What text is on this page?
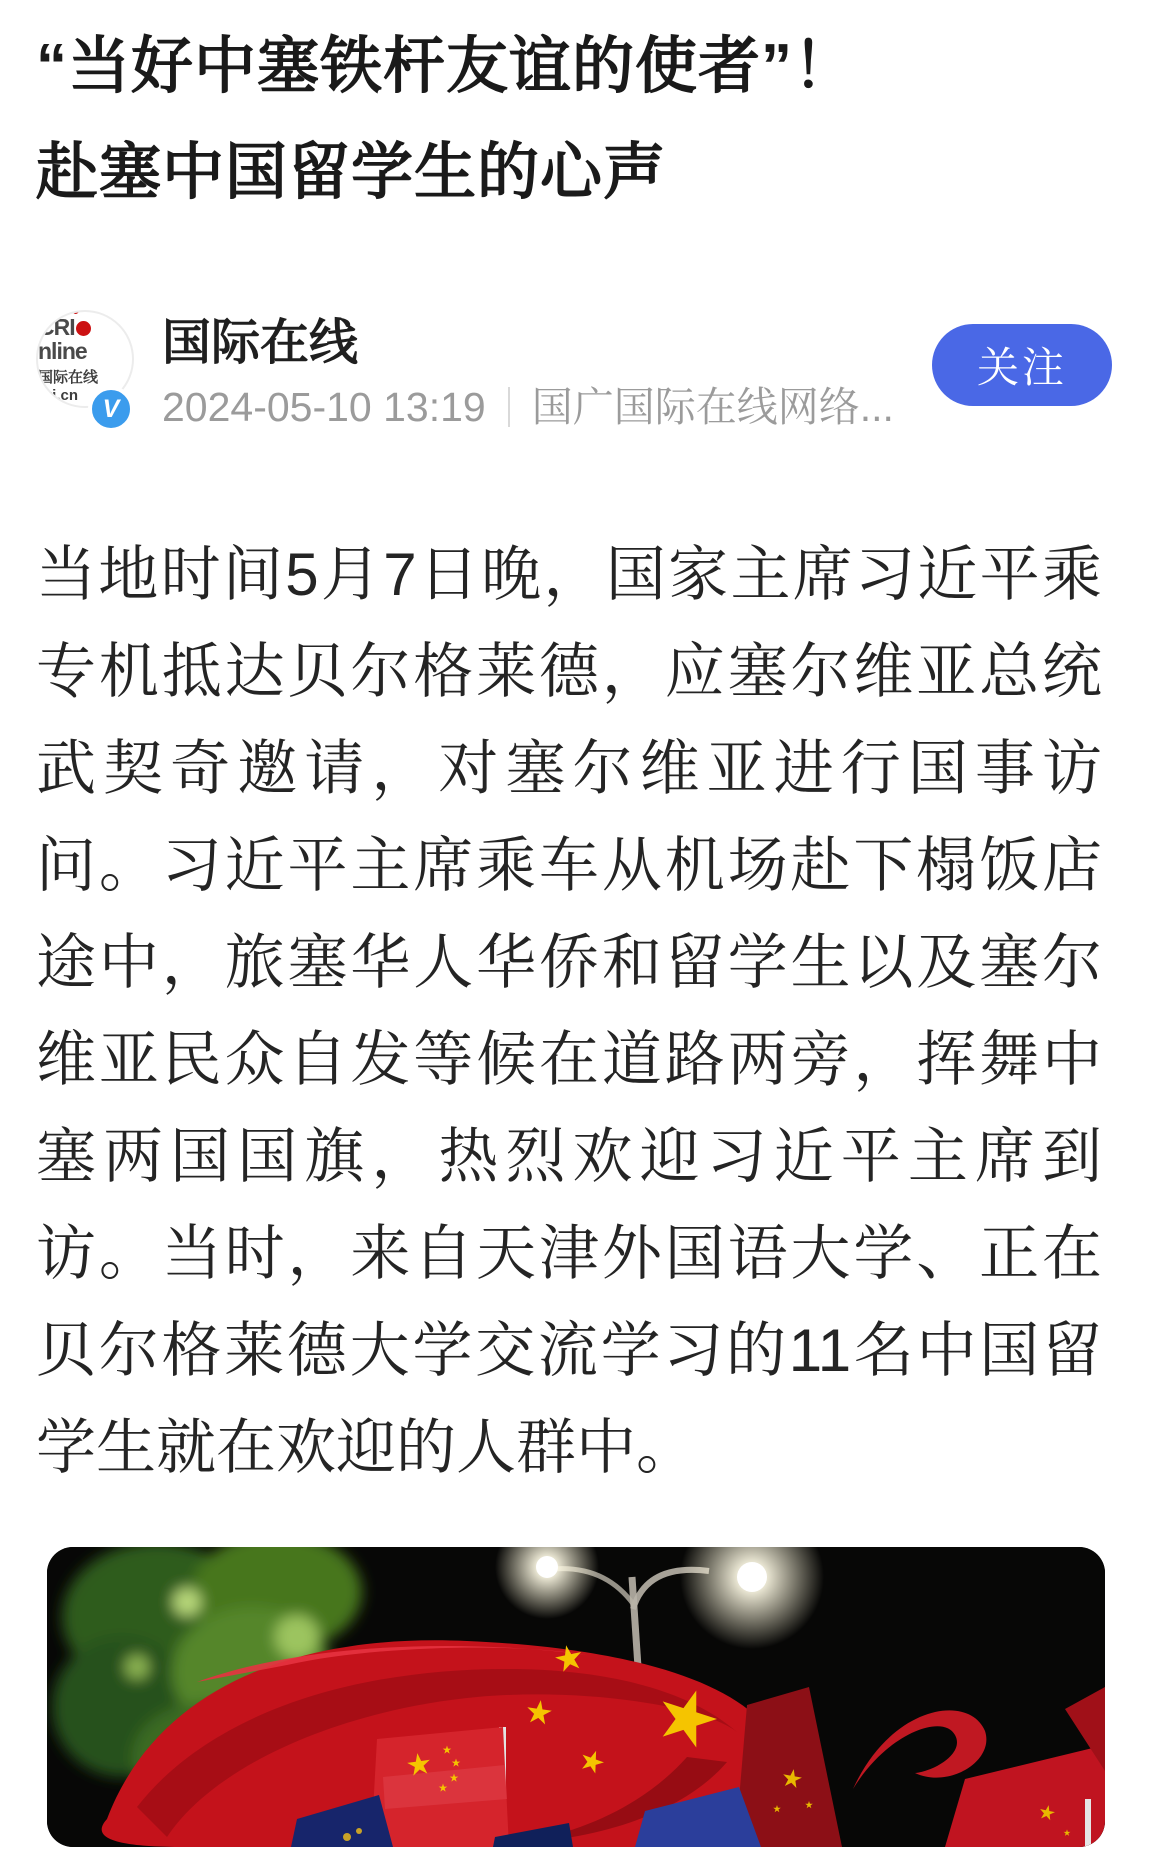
“当好中塞铁杆友谊的使者”！
赴塞中国留学生的心声
CRInline
国际在线 cri.cn V
国际在线
2024-05-10 13:19 国广国际在线网络...
关注

当地时间5月7日晚，国家主席习近平乘专机抵达贝尔格莱德，应塞尔维亚总统武契奇邀请，对塞尔维亚进行国事访问。习近平主席乘车从机场赴下榻饭店途中，旅塞华人华侨和留学生以及塞尔维亚民众自发等候在道路两旁，挥舞中塞两国国旗，热烈欢迎习近平主席到访。当时，来自天津外国语大学、正在贝尔格莱德大学交流学习的11名中国留学生就在欢迎的人群中。
